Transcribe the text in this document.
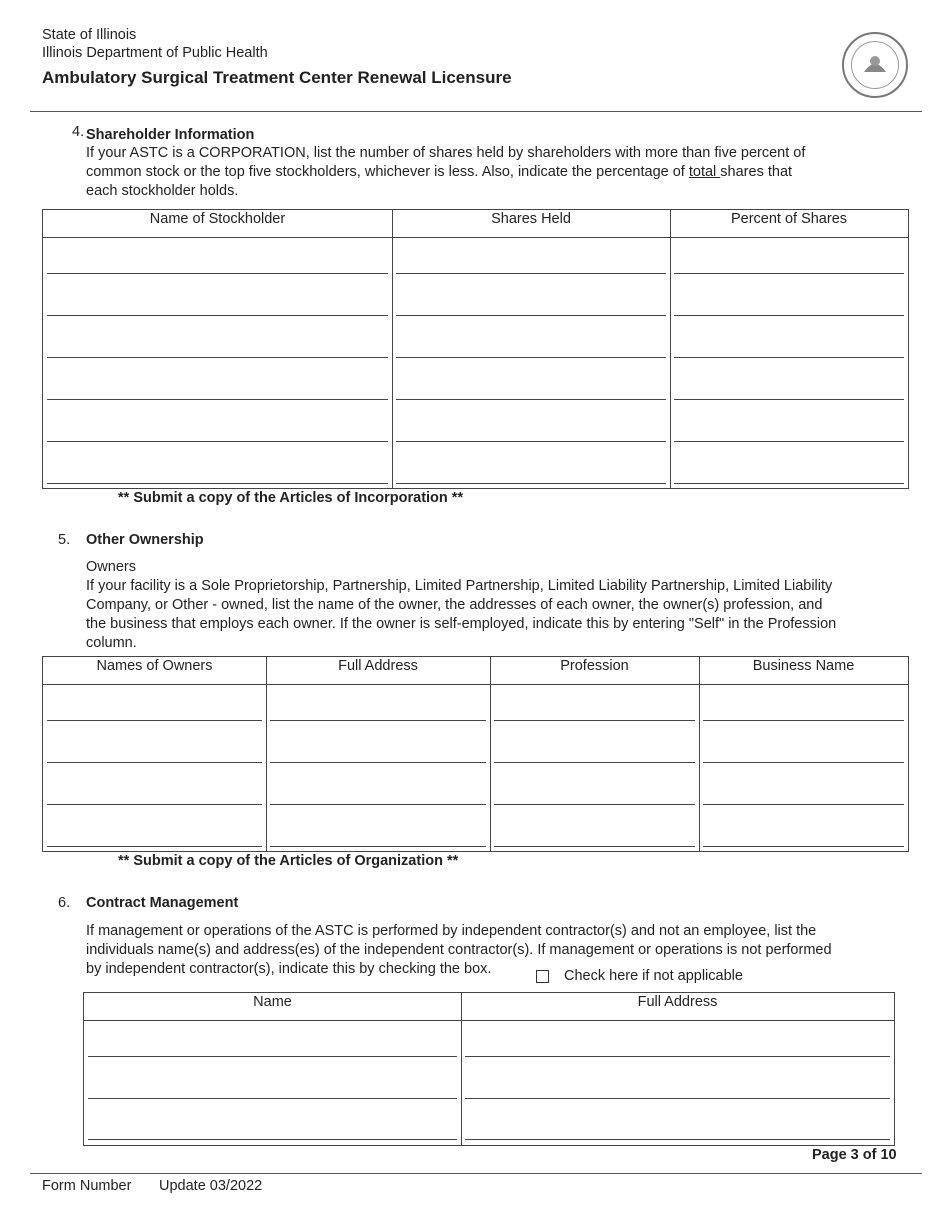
State of Illinois
Illinois Department of Public Health
Ambulatory Surgical Treatment Center Renewal Licensure
4. Shareholder Information
If your ASTC is a CORPORATION, list the number of shares held by shareholders with more than five percent of
common stock or the top five stockholders, whichever is less. Also, indicate the percentage of total shares that
each stockholder holds.
Name of Stockholder	Shares Held	Percent of Shares
** Submit a copy of the Articles of Incorporation **
5. Other Ownership
Owners
If your facility is a Sole Proprietorship, Partnership, Limited Partnership, Limited Liability Partnership, Limited Liability
Company, or Other - owned, list the name of the owner, the addresses of each owner, the owner(s) profession, and
the business that employs each owner. If the owner is self-employed, indicate this by entering "Self" in the Profession
column.
Names of Owners	Full Address	Profession	Business Name
** Submit a copy of the Articles of Organization **
6. Contract Management
If management or operations of the ASTC is performed by independent contractor(s) and not an employee, list the
individuals name(s) and address(es) of the independent contractor(s). If management or operations is not performed
by independent contractor(s), indicate this by checking the box.	Check here if not applicable
Name	Full Address
Page 3 of 10
Form Number Update 03/2022
